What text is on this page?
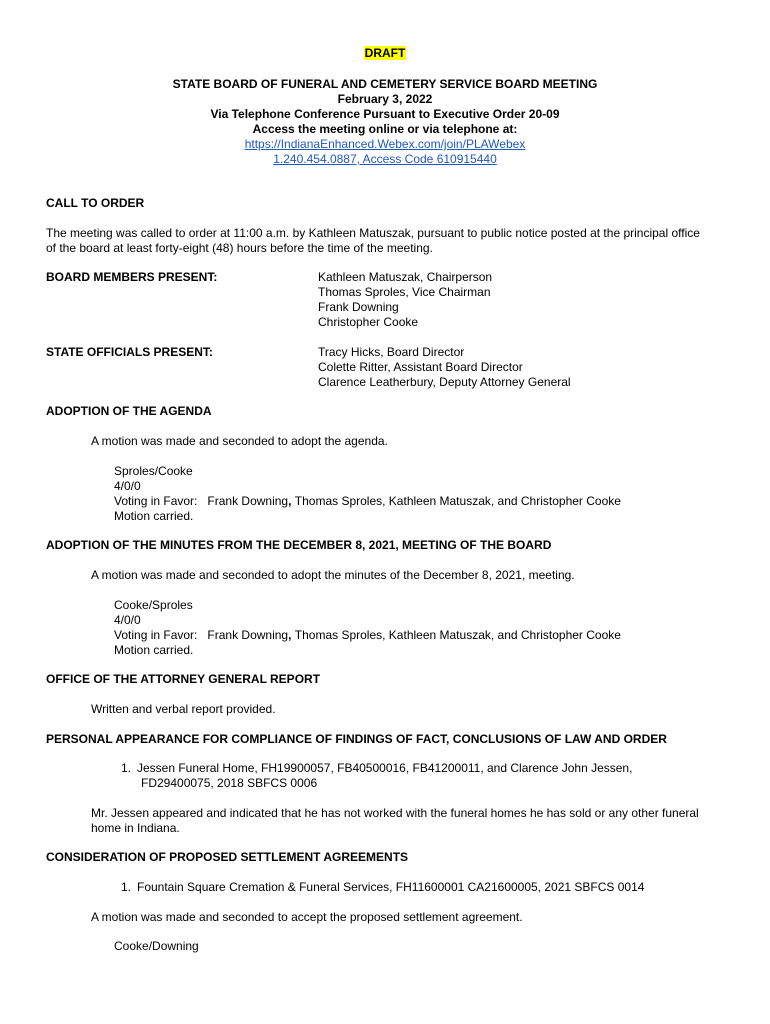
DRAFT
STATE BOARD OF FUNERAL AND CEMETERY SERVICE BOARD MEETING
February 3, 2022
Via Telephone Conference Pursuant to Executive Order 20-09
Access the meeting online or via telephone at:
https://IndianaEnhanced.Webex.com/join/PLAWebex
1.240.454.0887, Access Code 610915440
CALL TO ORDER
The meeting was called to order at 11:00 a.m. by Kathleen Matuszak, pursuant to public notice posted at the principal office
of the board at least forty-eight (48) hours before the time of the meeting.
BOARD MEMBERS PRESENT:	Kathleen Matuszak, Chairperson
Thomas Sproles, Vice Chairman
Frank Downing
Christopher Cooke
STATE OFFICIALS PRESENT:	Tracy Hicks, Board Director
Colette Ritter, Assistant Board Director
Clarence Leatherbury, Deputy Attorney General
ADOPTION OF THE AGENDA
A motion was made and seconded to adopt the agenda.
Sproles/Cooke
4/0/0
Voting in Favor: Frank Downing, Thomas Sproles, Kathleen Matuszak, and Christopher Cooke
Motion carried.
ADOPTION OF THE MINUTES FROM THE DECEMBER 8, 2021, MEETING OF THE BOARD
A motion was made and seconded to adopt the minutes of the December 8, 2021, meeting.
Cooke/Sproles
4/0/0
Voting in Favor: Frank Downing, Thomas Sproles, Kathleen Matuszak, and Christopher Cooke
Motion carried.
OFFICE OF THE ATTORNEY GENERAL REPORT
Written and verbal report provided.
PERSONAL APPEARANCE FOR COMPLIANCE OF FINDINGS OF FACT, CONCLUSIONS OF LAW AND ORDER
1. Jessen Funeral Home, FH19900057, FB40500016, FB41200011, and Clarence John Jessen,
FD29400075, 2018 SBFCS 0006
Mr. Jessen appeared and indicated that he has not worked with the funeral homes he has sold or any other funeral
home in Indiana.
CONSIDERATION OF PROPOSED SETTLEMENT AGREEMENTS
1. Fountain Square Cremation & Funeral Services, FH11600001 CA21600005, 2021 SBFCS 0014
A motion was made and seconded to accept the proposed settlement agreement.
Cooke/Downing
